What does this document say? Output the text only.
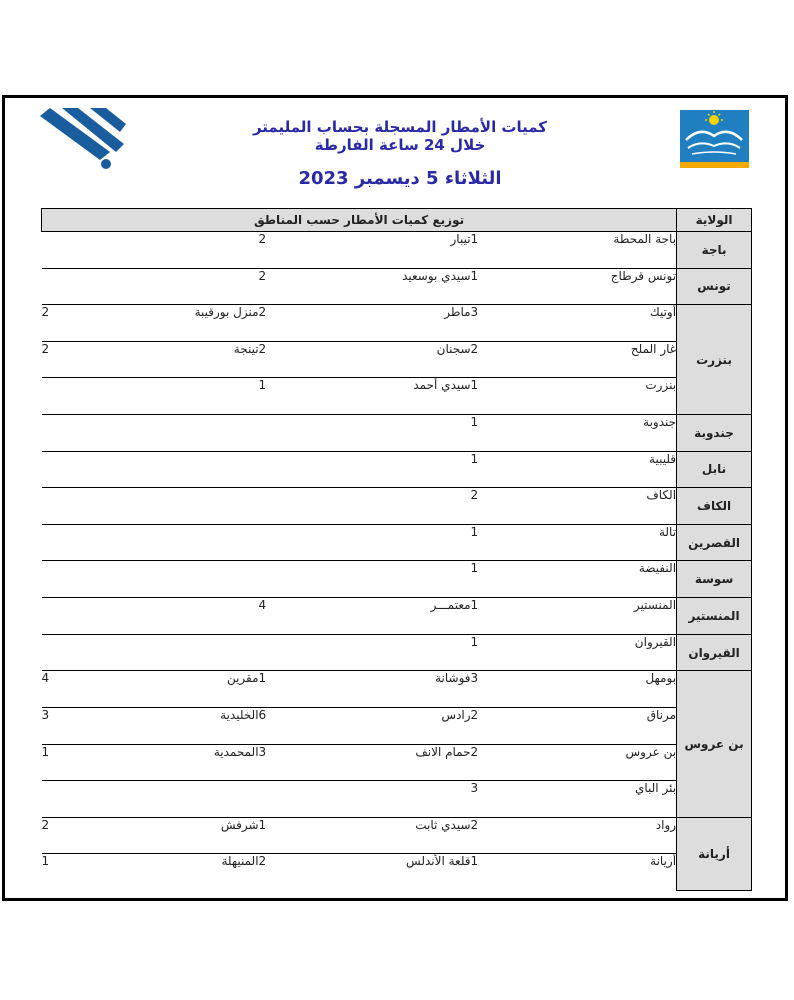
كميات الأمطار المسجلة بحساب المليمتر
خلال 24 ساعة الفارطة
الثلاثاء 5 ديسمبر 2023
الولاية	توزيع كميات الأمطار حسب المناطق					
باجة	باجة المحطة	1	تيبار	2		
تونس	تونس قرطاج	1	سيدي بوسعيد	2		
بنزرت	أوتيك	3	ماطر	2	منزل بورقيبة	2
	غار الملح	2	سجنان	2	تينجة	2
	بنزرت	1	سيدي أحمد	1		
جندوبة	جندوبة	1				
نابل	قليبية	1				
الكاف	الكاف	2				
القصرين	تالة	1				
سوسة	النفيضة	1				
المنستير	المنستير	1	معتمـــر	4		
القيروان	القيروان	1				
بن عروس	بومهل	3	فوشانة	1	مقرين	4
	مرناق	2	رادس	6	الخليدية	3
	بن عروس	2	حمام الانف	3	المحمدية	1
	بئر الباي	3				
أريانة	رواد	2	سيدي ثابت	1	شرفش	2
	أريانة	1	قلعة الأندلس	2	المنيهلة	1
